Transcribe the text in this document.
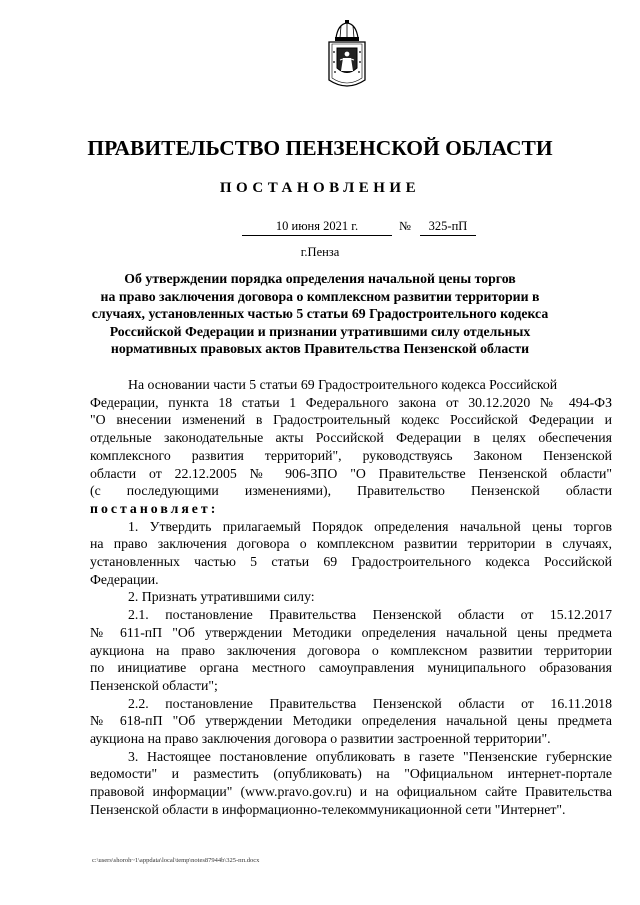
ПРАВИТЕЛЬСТВО ПЕНЗЕНСКОЙ ОБЛАСТИ
ПОСТАНОВЛЕНИЕ
10 июня 2021 г.	№	325-пП
г.Пенза
Об утверждении порядка определения начальной цены торгов
на право заключения договора о комплексном развитии территории в
случаях, установленных частью 5 статьи 69 Градостроительного кодекса
Российской Федерации и признании утратившими силу отдельных
нормативных правовых актов Правительства Пензенской области
На основании части 5 статьи 69 Градостроительного кодекса Российской
Федерации, пункта 18 статьи 1 Федерального закона от 30.12.2020 № 494-ФЗ
"О внесении изменений в Градостроительный кодекс Российской Федерации и
отдельные законодательные акты Российской Федерации в целях обеспечения
комплексного развития территорий", руководствуясь Законом Пензенской
области от 22.12.2005 № 906-ЗПО "О Правительстве Пензенской области"
(с последующими изменениями), Правительство Пензенской области
постановляет:
1. Утвердить прилагаемый Порядок определения начальной цены торгов
на право заключения договора о комплексном развитии территории в случаях,
установленных частью 5 статьи 69 Градостроительного кодекса Российской
Федерации.
2. Признать утратившими силу:
2.1. постановление Правительства Пензенской области от 15.12.2017
№ 611-пП "Об утверждении Методики определения начальной цены предмета
аукциона на право заключения договора о комплексном развитии территории
по инициативе органа местного самоуправления муниципального образования
Пензенской области";
2.2. постановление Правительства Пензенской области от 16.11.2018
№ 618-пП "Об утверждении Методики определения начальной цены предмета
аукциона на право заключения договора о развитии застроенной территории".
3. Настоящее постановление опубликовать в газете "Пензенские губернские
ведомости" и разместить (опубликовать) на "Официальном интернет-портале
правовой информации" (www.pravo.gov.ru) и на официальном сайте Правительства
Пензенской области в информационно-телекоммуникационной сети "Интернет".
c:\users\shoroh~1\appdata\local\temp\notes87944b\325-пп.docx
